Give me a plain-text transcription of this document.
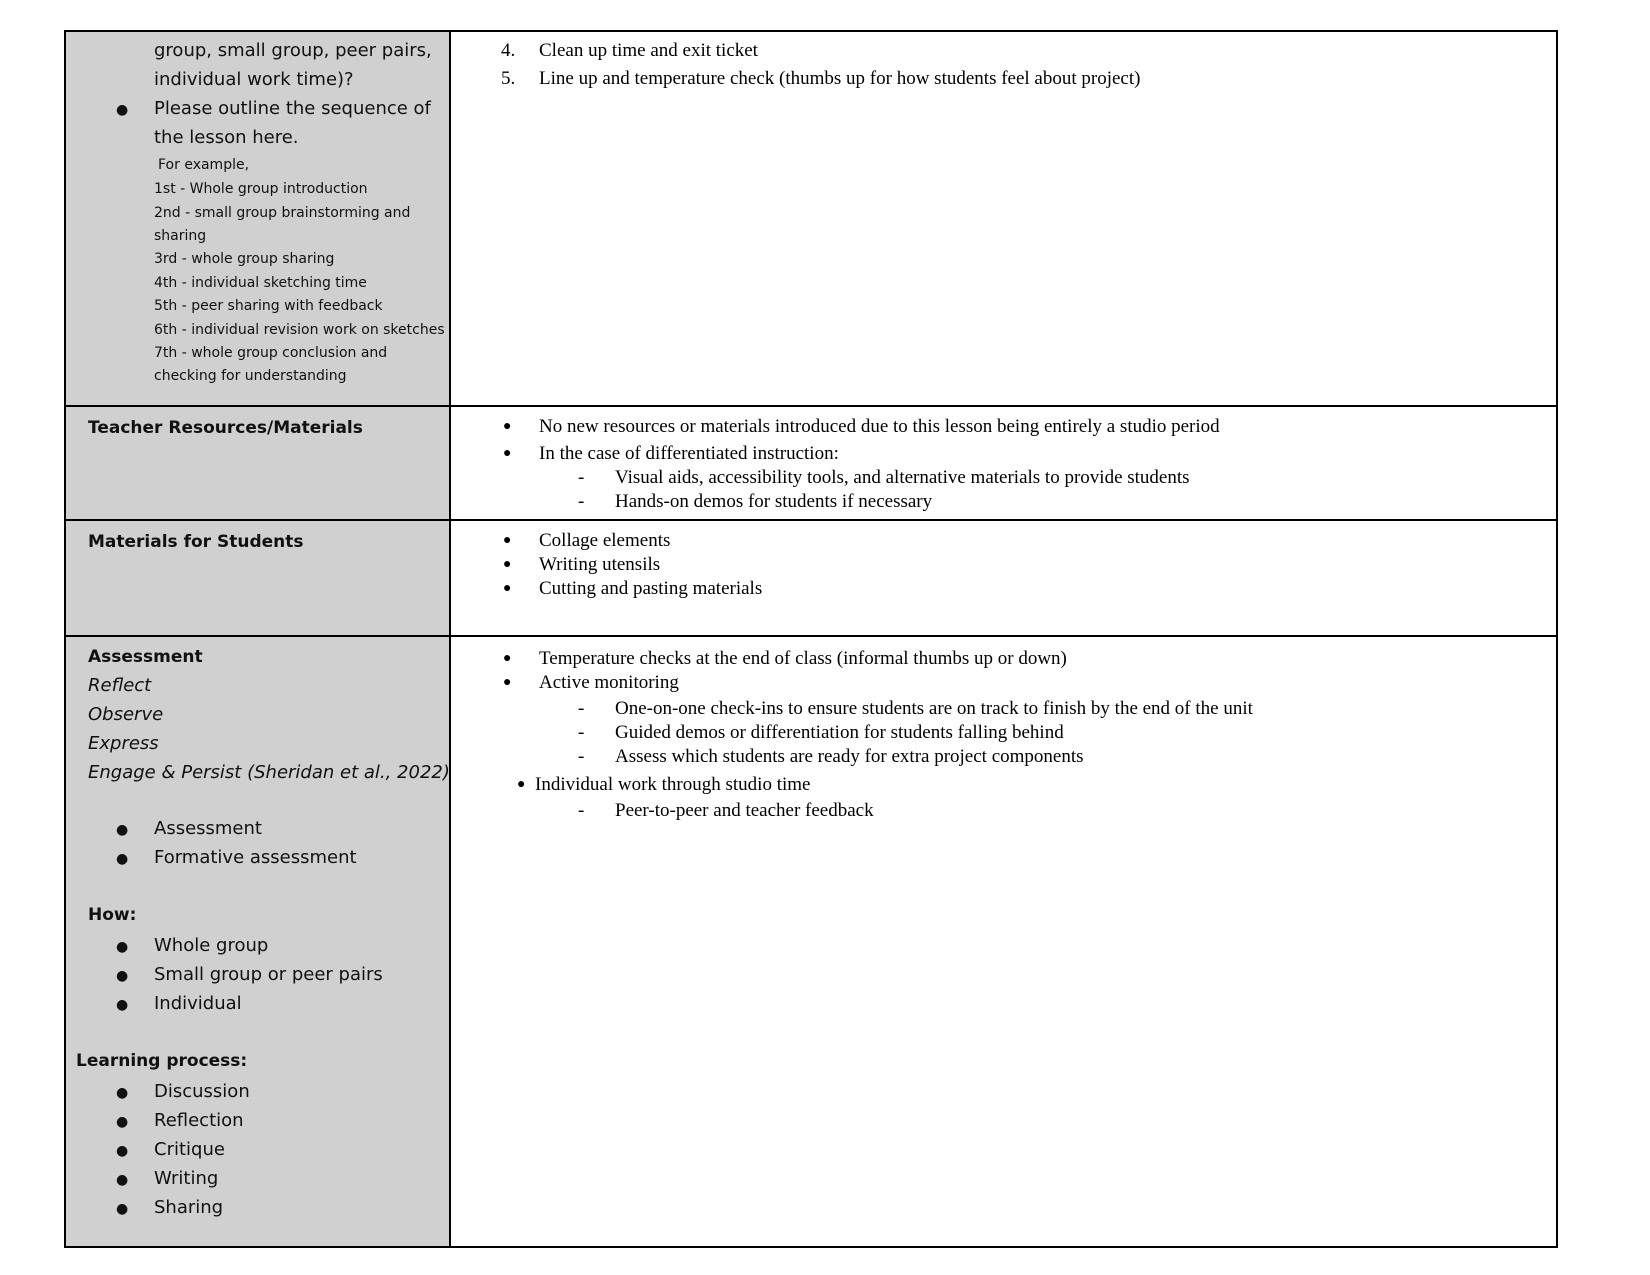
group, small group, peer pairs,
individual work time)?
● Please outline the sequence of
the lesson here.
For example,
1st - Whole group introduction
2nd - small group brainstorming and
sharing
3rd - whole group sharing
4th - individual sketching time
5th - peer sharing with feedback
6th - individual revision work on sketches
7th - whole group conclusion and
checking for understanding
4. Clean up time and exit ticket
5. Line up and temperature check (thumbs up for how students feel about project)
Teacher Resources/Materials	● No new resources or materials introduced due to this lesson being entirely a studio period
● In the case of differentiated instruction:
- Visual aids, accessibility tools, and alternative materials to provide students
- Hands-on demos for students if necessary
Materials for Students	● Collage elements
● Writing utensils
● Cutting and pasting materials
Assessment
Reflect
Observe
Express
Engage & Persist (Sheridan et al., 2022)
● Assessment
● Formative assessment
How:
● Whole group
● Small group or peer pairs
● Individual
Learning process:
● Discussion
● Reflection
● Critique
● Writing
● Sharing
● Temperature checks at the end of class (informal thumbs up or down)
● Active monitoring
- One-on-one check-ins to ensure students are on track to finish by the end of the unit
- Guided demos or differentiation for students falling behind
- Assess which students are ready for extra project components
● Individual work through studio time
- Peer-to-peer and teacher feedback
